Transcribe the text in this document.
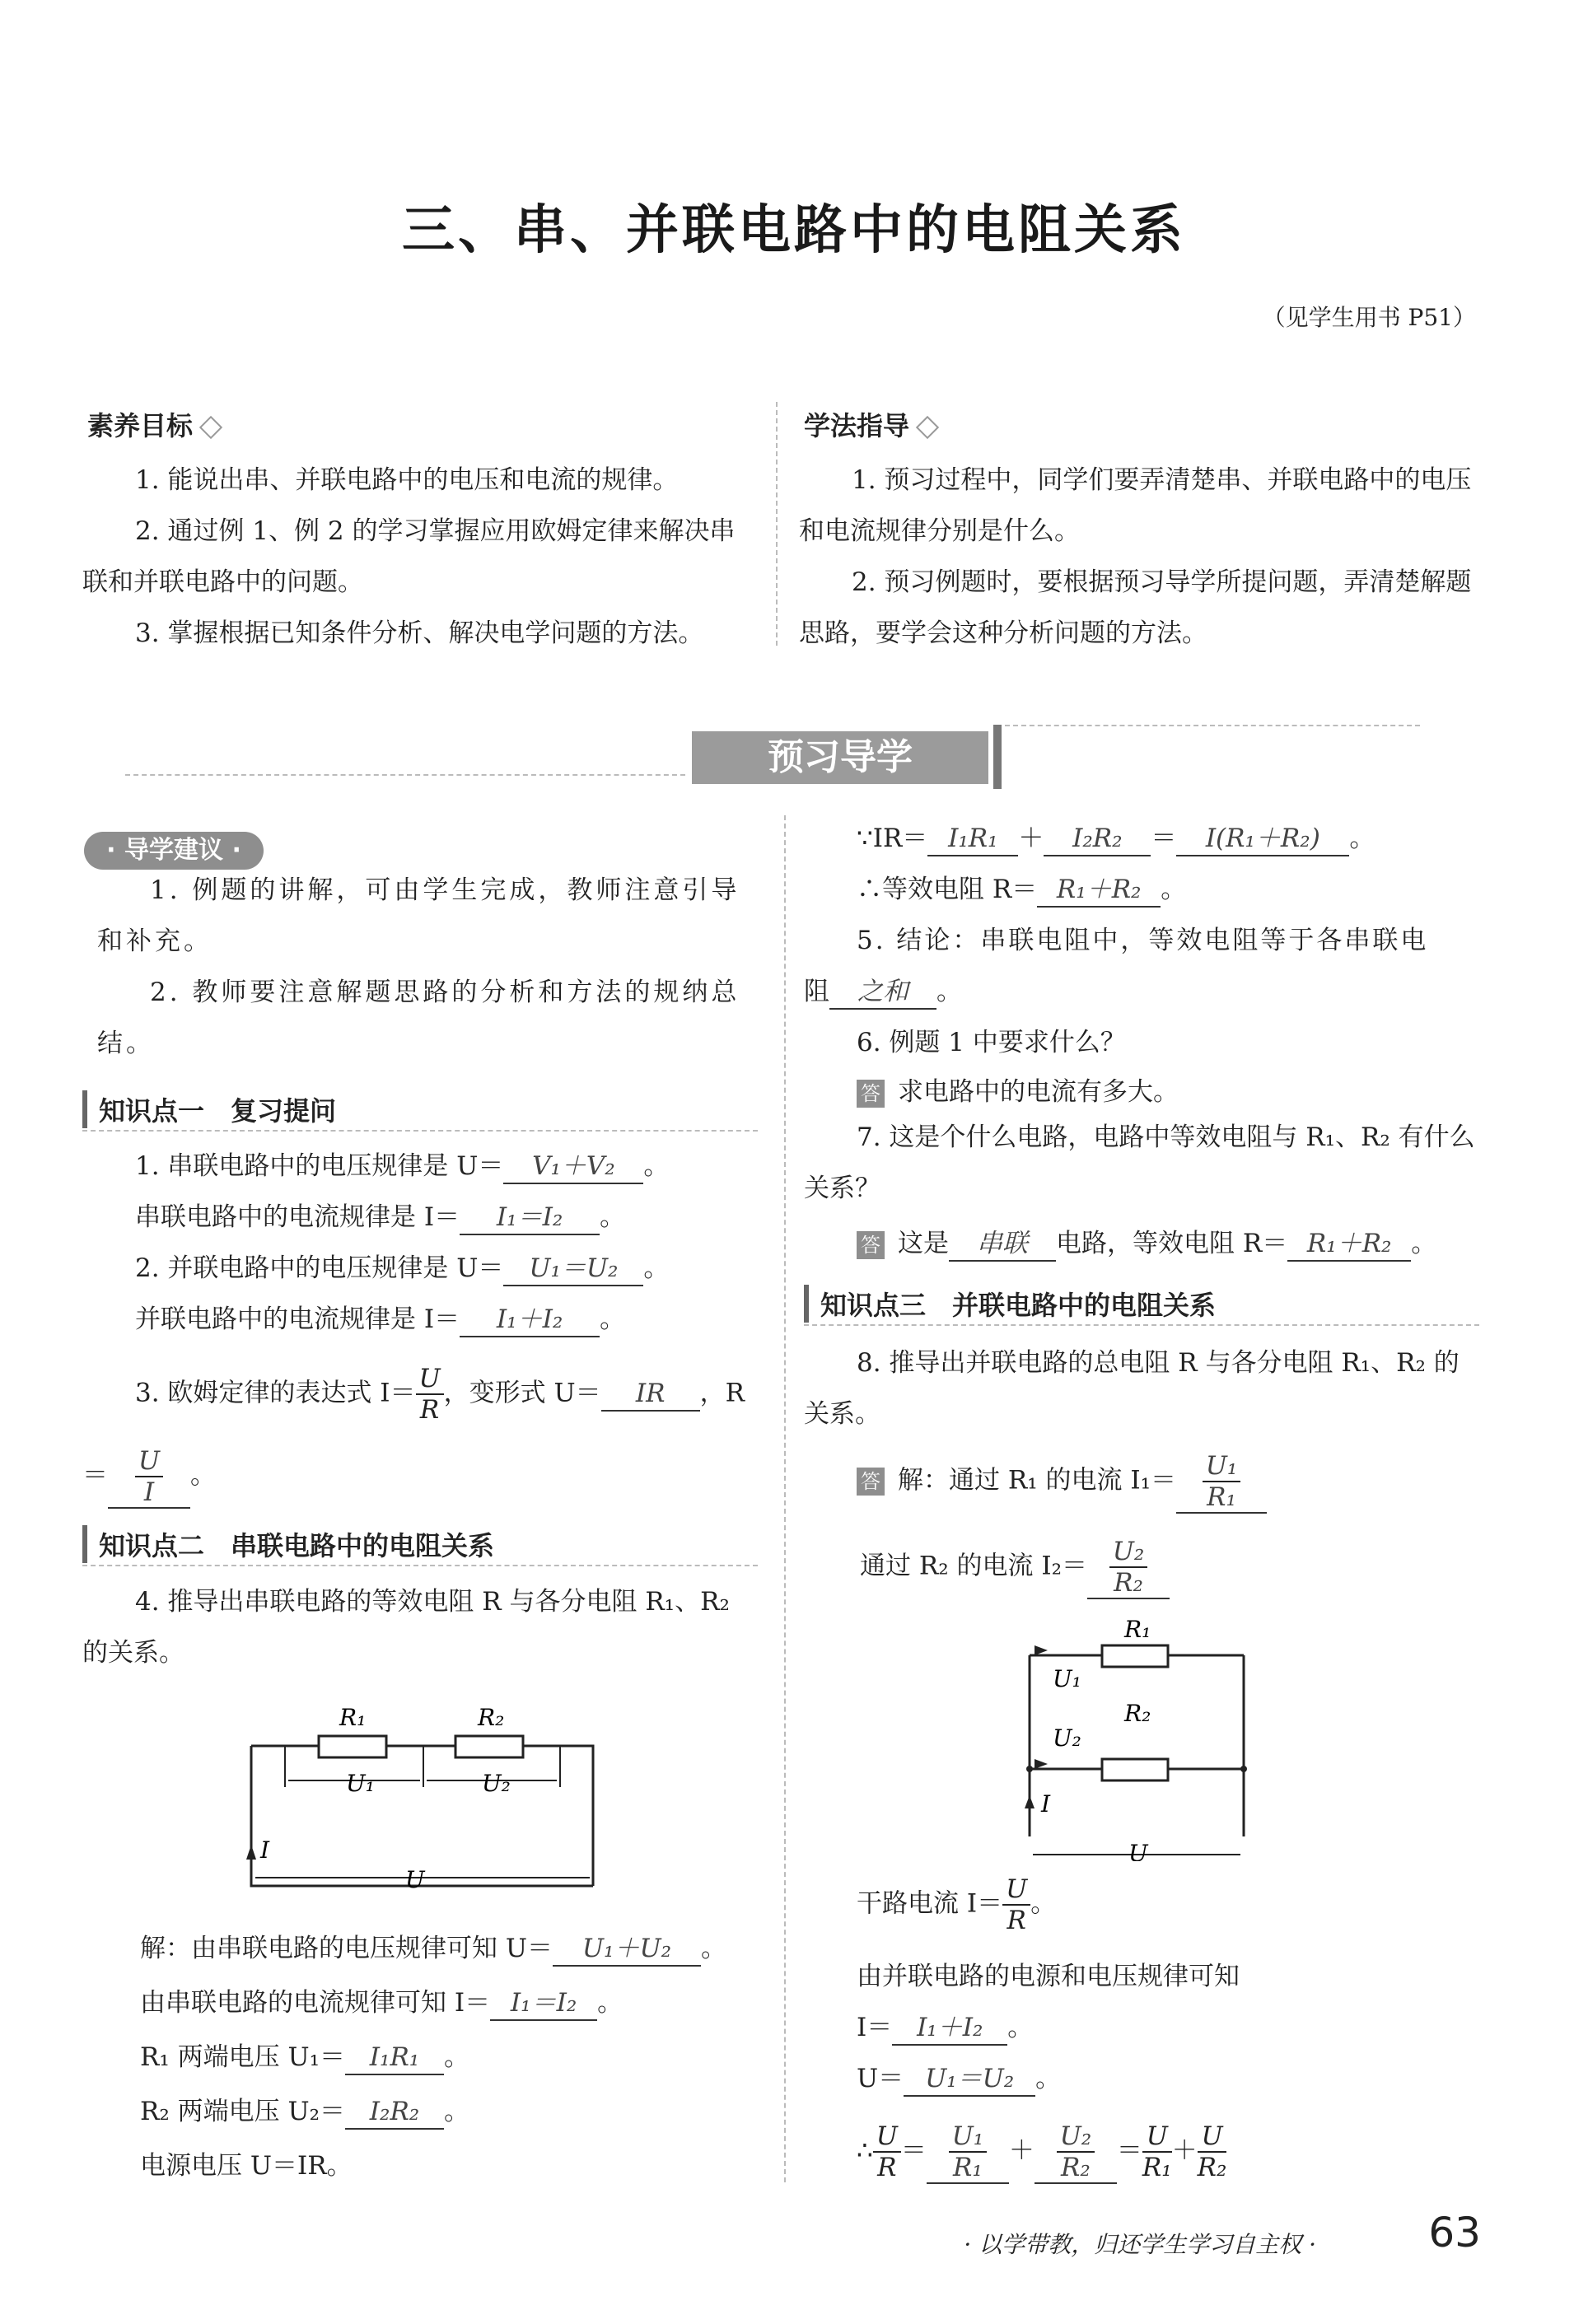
三、串、并联电路中的电阻关系
（见学生用书 P51）
素养目标
1. 能说出串、并联电路中的电压和电流的规律。
2. 通过例 1、例 2 的学习掌握应用欧姆定律来解决串联和并联电路中的问题。
3. 掌握根据已知条件分析、解决电学问题的方法。
学法指导
1. 预习过程中，同学们要弄清楚串、并联电路中的电压和电流规律分别是什么。
2. 预习例题时，要根据预习导学所提问题，弄清楚解题思路，要学会这种分析问题的方法。
预习导学
· 导学建议 ·
1. 例题的讲解，可由学生完成，教师注意引导和补充。
2. 教师要注意解题思路的分析和方法的规纳总结。
知识点一　复习提问
1. 串联电路中的电压规律是 U＝ V₁＋V₂ 。
串联电路中的电流规律是 I＝ I₁＝I₂ 。
2. 并联电路中的电压规律是 U＝ U₁＝U₂ 。
并联电路中的电流规律是 I＝ I₁＋I₂ 。
3. 欧姆定律的表达式 $I= \frac{U}{R}$ ，变形式 U＝ IR ，R
＝ $\frac{U}{I}$ 。
知识点二　串联电路中的电阻关系
4. 推导出串联电路的等效电阻 R 与各分电阻 R₁、R₂ 的关系。
R₁	R₂
U₁	U₂
I
U
解：由串联电路的电压规律可知 U＝ U₁＋U₂ 。
由串联电路的电流规律可知 I＝ I₁＝I₂ 。
R₁ 两端电压 U₁＝ I₁R₁ 。
R₂ 两端电压 U₂＝ I₂R₂ 。
电源电压 U＝IR。
∵IR＝ I₁R₁ ＋ I₂R₂ ＝ I(R₁＋R₂) 。
∴等效电阻 R＝ R₁＋R₂ 。
5. 结论：串联电阻中，等效电阻等于各串联电
阻 之和 。
6. 例题 1 中要求什么？
答 求电路中的电流有多大。
7. 这是个什么电路，电路中等效电阻与 R₁、R₂ 有什么关系？
答 这是 串联 电路，等效电阻 R＝ R₁＋R₂ 。
知识点三　并联电路中的电阻关系
8. 推导出并联电路的总电阻 R 与各分电阻 R₁、R₂ 的关系。
答 解：通过 R₁ 的电流 $I_1= \frac{\text{U₁}}{\text{R₁}}$
通过 R₂ 的电流 $I_2= \frac{\text{U₂}}{\text{R₂}}$
R₁
R₂
U₁
U₂
I
U
干路电流 $I= \frac{U}{R}$ 。
由并联电路的电源和电压规律可知
I＝ I₁＋I₂ 。
U＝ U₁＝U₂ 。
∴ $\frac{U}{R} = \frac{\text{U₁}}{\text{R₁}} + \frac{\text{U₂}}{\text{R₂}} = \frac{U}{\text{R₁}} + \frac{U}{\text{R₂}}$
· 以学带教，归还学生学习自主权 ·	63
